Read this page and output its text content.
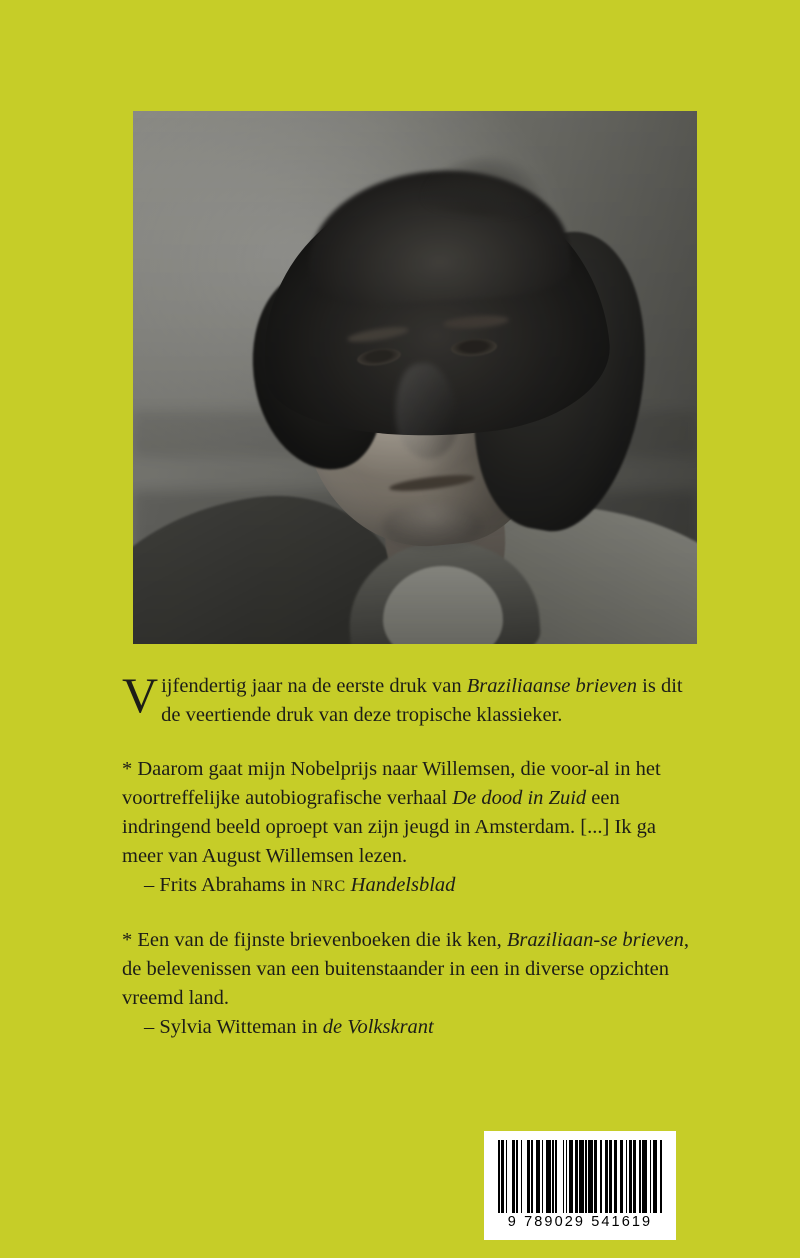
Vijfendertig jaar na de eerste druk van Braziliaanse brieven is dit de veertiende druk van deze tropische klassieker.

* Daarom gaat mijn Nobelprijs naar Willemsen, die voor-al in het voortreffelijke autobiografische verhaal De dood in Zuid een indringend beeld oproept van zijn jeugd in Amsterdam. [...] Ik ga meer van August Willemsen lezen.
– Frits Abrahams in NRC Handelsblad

* Een van de fijnste brievenboeken die ik ken, Braziliaan-se brieven, de belevenissen van een buitenstaander in een in diverse opzichten vreemd land.
– Sylvia Witteman in de Volkskrant

9 789029 541619
